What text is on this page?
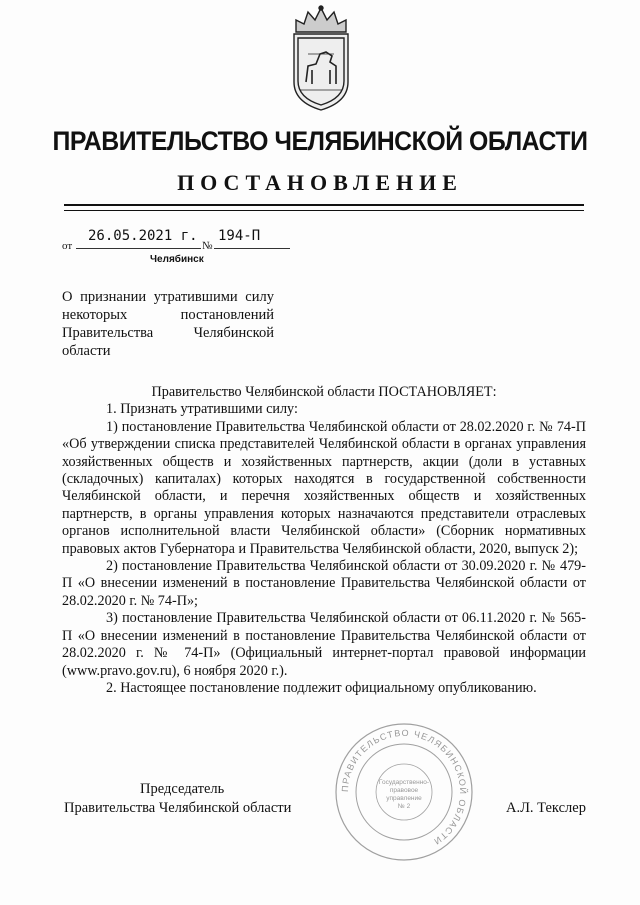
ПРАВИТЕЛЬСТВО ЧЕЛЯБИНСКОЙ ОБЛАСТИ
ПОСТАНОВЛЕНИЕ
от
26.05.2021 г.
№
194-П
Челябинск
О признании утратившими силу некоторых постановлений Правительства Челябинской области

Правительство Челябинской области ПОСТАНОВЛЯЕТ:

1. Признать утратившими силу:

1) постановление Правительства Челябинской области от 28.02.2020 г. № 74-П «Об утверждении списка представителей Челябинской области в органах управления хозяйственных обществ и хозяйственных партнерств, акции (доли в уставных (складочных) капиталах) которых находятся в государственной собственности Челябинской области, и перечня хозяйственных обществ и хозяйственных партнерств, в органы управления которых назначаются представители отраслевых органов исполнительной власти Челябинской области» (Сборник нормативных правовых актов Губернатора и Правительства Челябинской области, 2020, выпуск 2);

2) постановление Правительства Челябинской области от 30.09.2020 г. № 479-П «О внесении изменений в постановление Правительства Челябинской области от 28.02.2020 г. № 74-П»;

3) постановление Правительства Челябинской области от 06.11.2020 г. № 565-П «О внесении изменений в постановление Правительства Челябинской области от 28.02.2020 г. № 74-П» (Официальный интернет-портал правовой информации (www.pravo.gov.ru), 6 ноября 2020 г.).

2. Настоящее постановление подлежит официальному опубликованию.

ПРАВИТЕЛЬСТВО ЧЕЛЯБИНСКОЙ ОБЛАСТИ
Государственно-
правовое
управление
№ 2
Председатель
Правительства Челябинской области	А.Л. Текслер
